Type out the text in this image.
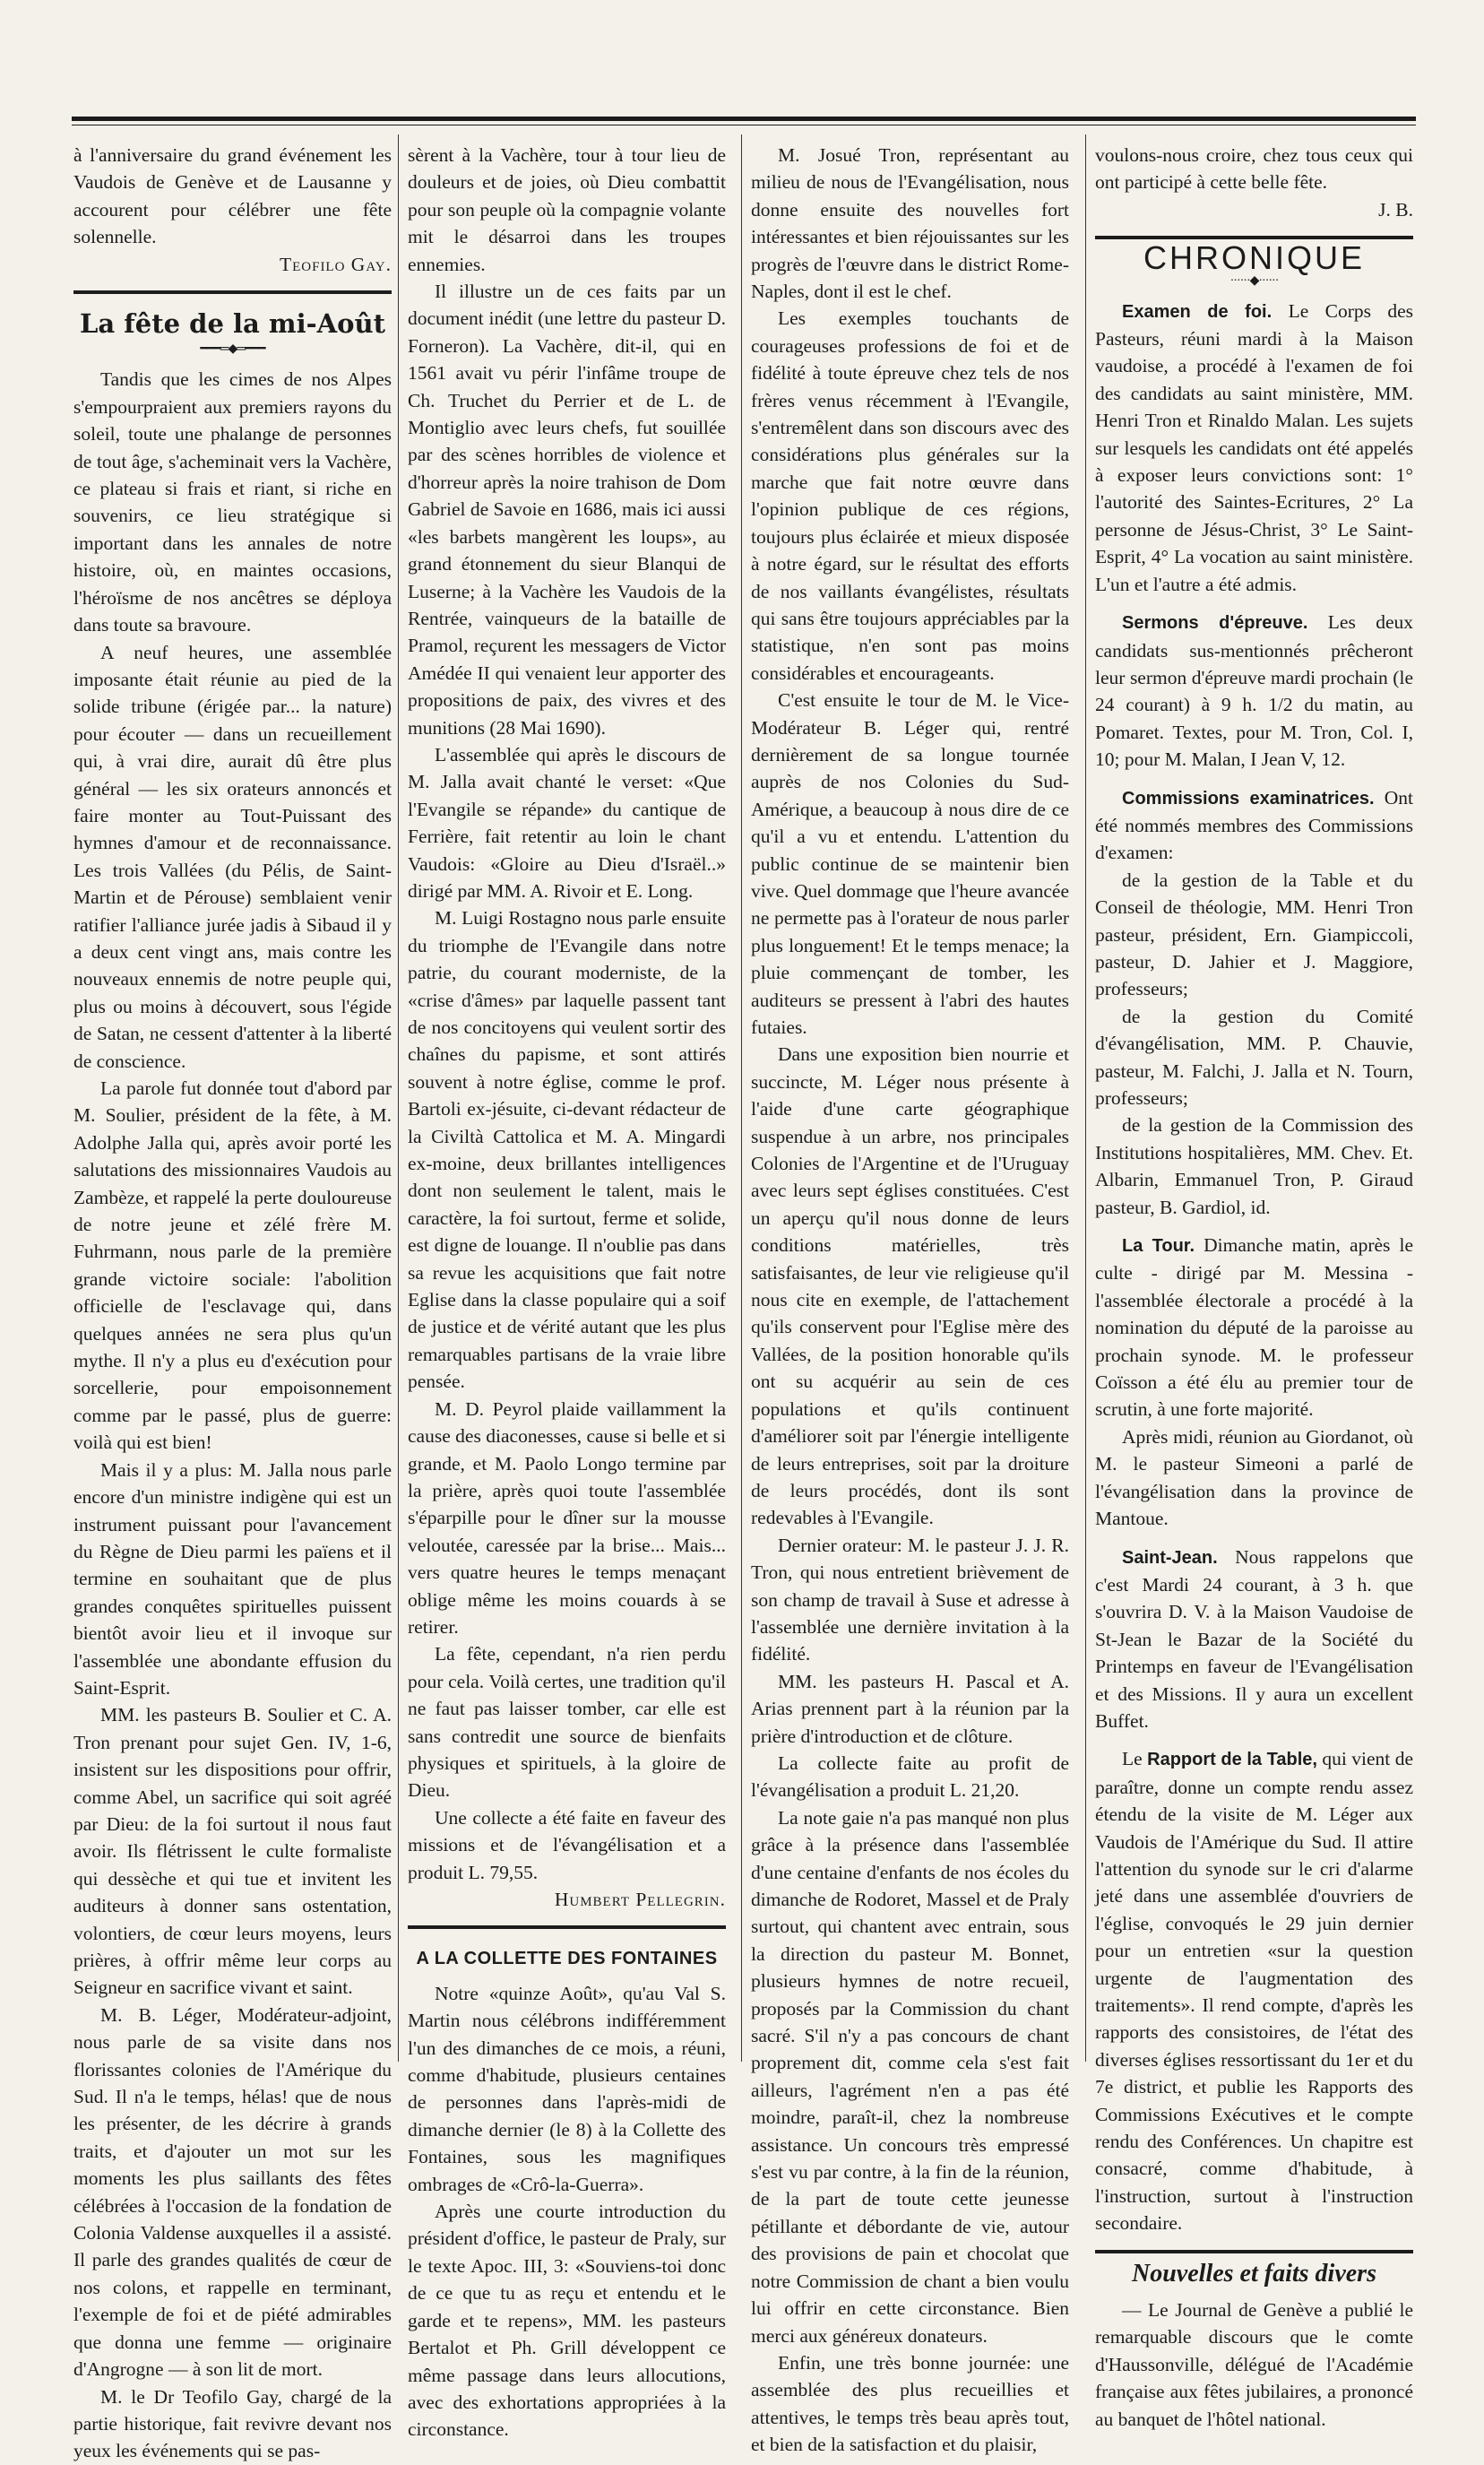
à l'anniversaire du grand événement les Vaudois de Genève et de Lausanne y accourent pour célébrer une fête solennelle.

Teofilo Gay.
La fête de la mi-Août
━━━═◆═━━━

Tandis que les cimes de nos Alpes s'empourpraient aux premiers rayons du soleil, toute une phalange de personnes de tout âge, s'acheminait vers la Vachère, ce plateau si frais et riant, si riche en souvenirs, ce lieu stratégique si important dans les annales de notre histoire, où, en maintes occasions, l'héroïsme de nos ancêtres se déploya dans toute sa bravoure.

A neuf heures, une assemblée imposante était réunie au pied de la solide tribune (érigée par... la nature) pour écouter — dans un recueillement qui, à vrai dire, aurait dû être plus général — les six orateurs annoncés et faire monter au Tout-Puissant des hymnes d'amour et de reconnaissance. Les trois Vallées (du Pélis, de Saint-Martin et de Pérouse) semblaient venir ratifier l'alliance jurée jadis à Sibaud il y a deux cent vingt ans, mais contre les nouveaux ennemis de notre peuple qui, plus ou moins à découvert, sous l'égide de Satan, ne cessent d'attenter à la liberté de conscience.

La parole fut donnée tout d'abord par M. Soulier, président de la fête, à M. Adolphe Jalla qui, après avoir porté les salutations des missionnaires Vaudois au Zambèze, et rappelé la perte douloureuse de notre jeune et zélé frère M. Fuhrmann, nous parle de la première grande victoire sociale: l'abolition officielle de l'esclavage qui, dans quelques années ne sera plus qu'un mythe. Il n'y a plus eu d'exécution pour sorcellerie, pour empoisonnement comme par le passé, plus de guerre: voilà qui est bien!

Mais il y a plus: M. Jalla nous parle encore d'un ministre indigène qui est un instrument puissant pour l'avancement du Règne de Dieu parmi les païens et il termine en souhaitant que de plus grandes conquêtes spirituelles puissent bientôt avoir lieu et il invoque sur l'assemblée une abondante effusion du Saint-Esprit.

MM. les pasteurs B. Soulier et C. A. Tron prenant pour sujet Gen. IV, 1-6, insistent sur les dispositions pour offrir, comme Abel, un sacrifice qui soit agréé par Dieu: de la foi surtout il nous faut avoir. Ils flétrissent le culte formaliste qui dessèche et qui tue et invitent les auditeurs à donner sans ostentation, volontiers, de cœur leurs moyens, leurs prières, à offrir même leur corps au Seigneur en sacrifice vivant et saint.

M. B. Léger, Modérateur-adjoint, nous parle de sa visite dans nos florissantes colonies de l'Amérique du Sud. Il n'a le temps, hélas! que de nous les présenter, de les décrire à grands traits, et d'ajouter un mot sur les moments les plus saillants des fêtes célébrées à l'occasion de la fondation de Colonia Valdense auxquelles il a assisté. Il parle des grandes qualités de cœur de nos colons, et rappelle en terminant, l'exemple de foi et de piété admirables que donna une femme — originaire d'Angrogne — à son lit de mort.

M. le Dr Teofilo Gay, chargé de la partie historique, fait revivre devant nos yeux les événements qui se pas-

sèrent à la Vachère, tour à tour lieu de douleurs et de joies, où Dieu combattit pour son peuple où la compagnie volante mit le désarroi dans les troupes ennemies.

Il illustre un de ces faits par un document inédit (une lettre du pasteur D. Forneron). La Vachère, dit-il, qui en 1561 avait vu périr l'infâme troupe de Ch. Truchet du Perrier et de L. de Montiglio avec leurs chefs, fut souillée par des scènes horribles de violence et d'horreur après la noire trahison de Dom Gabriel de Savoie en 1686, mais ici aussi «les barbets mangèrent les loups», au grand étonnement du sieur Blanqui de Luserne; à la Vachère les Vaudois de la Rentrée, vainqueurs de la bataille de Pramol, reçurent les messagers de Victor Amédée II qui venaient leur apporter des propositions de paix, des vivres et des munitions (28 Mai 1690).

L'assemblée qui après le discours de M. Jalla avait chanté le verset: «Que l'Evangile se répande» du cantique de Ferrière, fait retentir au loin le chant Vaudois: «Gloire au Dieu d'Israël..» dirigé par MM. A. Rivoir et E. Long.

M. Luigi Rostagno nous parle ensuite du triomphe de l'Evangile dans notre patrie, du courant moderniste, de la «crise d'âmes» par laquelle passent tant de nos concitoyens qui veulent sortir des chaînes du papisme, et sont attirés souvent à notre église, comme le prof. Bartoli ex-jésuite, ci-devant rédacteur de la Civiltà Cattolica et M. A. Mingardi ex-moine, deux brillantes intelligences dont non seulement le talent, mais le caractère, la foi surtout, ferme et solide, est digne de louange. Il n'oublie pas dans sa revue les acquisitions que fait notre Eglise dans la classe populaire qui a soif de justice et de vérité autant que les plus remarquables partisans de la vraie libre pensée.

M. D. Peyrol plaide vaillamment la cause des diaconesses, cause si belle et si grande, et M. Paolo Longo termine par la prière, après quoi toute l'assemblée s'éparpille pour le dîner sur la mousse veloutée, caressée par la brise... Mais... vers quatre heures le temps menaçant oblige même les moins couards à se retirer.

La fête, cependant, n'a rien perdu pour cela. Voilà certes, une tradition qu'il ne faut pas laisser tomber, car elle est sans contredit une source de bienfaits physiques et spirituels, à la gloire de Dieu.

Une collecte a été faite en faveur des missions et de l'évangélisation et a produit L. 79,55.

Humbert Pellegrin.
A LA COLLETTE DES FONTAINES

Notre «quinze Août», qu'au Val S. Martin nous célébrons indifféremment l'un des dimanches de ce mois, a réuni, comme d'habitude, plusieurs centaines de personnes dans l'après-midi de dimanche dernier (le 8) à la Collette des Fontaines, sous les magnifiques ombrages de «Crô-la-Guerra».

Après une courte introduction du président d'office, le pasteur de Praly, sur le texte Apoc. III, 3: «Souviens-toi donc de ce que tu as reçu et entendu et le garde et te repens», MM. les pasteurs Bertalot et Ph. Grill développent ce même passage dans leurs allocutions, avec des exhortations appropriées à la circonstance.

M. Josué Tron, représentant au milieu de nous de l'Evangélisation, nous donne ensuite des nouvelles fort intéressantes et bien réjouissantes sur les progrès de l'œuvre dans le district Rome-Naples, dont il est le chef.

Les exemples touchants de courageuses professions de foi et de fidélité à toute épreuve chez tels de nos frères venus récemment à l'Evangile, s'entremêlent dans son discours avec des considérations plus générales sur la marche que fait notre œuvre dans l'opinion publique de ces régions, toujours plus éclairée et mieux disposée à notre égard, sur le résultat des efforts de nos vaillants évangélistes, résultats qui sans être toujours appréciables par la statistique, n'en sont pas moins considérables et encourageants.

C'est ensuite le tour de M. le Vice-Modérateur B. Léger qui, rentré dernièrement de sa longue tournée auprès de nos Colonies du Sud-Amérique, a beaucoup à nous dire de ce qu'il a vu et entendu. L'attention du public continue de se maintenir bien vive. Quel dommage que l'heure avancée ne permette pas à l'orateur de nous parler plus longuement! Et le temps menace; la pluie commençant de tomber, les auditeurs se pressent à l'abri des hautes futaies.

Dans une exposition bien nourrie et succincte, M. Léger nous présente à l'aide d'une carte géographique suspendue à un arbre, nos principales Colonies de l'Argentine et de l'Uruguay avec leurs sept églises constituées. C'est un aperçu qu'il nous donne de leurs conditions matérielles, très satisfaisantes, de leur vie religieuse qu'il nous cite en exemple, de l'attachement qu'ils conservent pour l'Eglise mère des Vallées, de la position honorable qu'ils ont su acquérir au sein de ces populations et qu'ils continuent d'améliorer soit par l'énergie intelligente de leurs entreprises, soit par la droiture de leurs procédés, dont ils sont redevables à l'Evangile.

Dernier orateur: M. le pasteur J. J. R. Tron, qui nous entretient brièvement de son champ de travail à Suse et adresse à l'assemblée une dernière invitation à la fidélité.

MM. les pasteurs H. Pascal et A. Arias prennent part à la réunion par la prière d'introduction et de clôture.

La collecte faite au profit de l'évangélisation a produit L. 21,20.

La note gaie n'a pas manqué non plus grâce à la présence dans l'assemblée d'une centaine d'enfants de nos écoles du dimanche de Rodoret, Massel et de Praly surtout, qui chantent avec entrain, sous la direction du pasteur M. Bonnet, plusieurs hymnes de notre recueil, proposés par la Commission du chant sacré. S'il n'y a pas concours de chant proprement dit, comme cela s'est fait ailleurs, l'agrément n'en a pas été moindre, paraît-il, chez la nombreuse assistance. Un concours très empressé s'est vu par contre, à la fin de la réunion, de la part de toute cette jeunesse pétillante et débordante de vie, autour des provisions de pain et chocolat que notre Commission de chant a bien voulu lui offrir en cette circonstance. Bien merci aux généreux donateurs.

Enfin, une très bonne journée: une assemblée des plus recueillies et attentives, le temps très beau après tout, et bien de la satisfaction et du plaisir,

voulons-nous croire, chez tous ceux qui ont participé à cette belle fête.

J. B.
CHRONIQUE
······◆······

Examen de foi. Le Corps des Pasteurs, réuni mardi à la Maison vaudoise, a procédé à l'examen de foi des candidats au saint ministère, MM. Henri Tron et Rinaldo Malan. Les sujets sur lesquels les candidats ont été appelés à exposer leurs convictions sont: 1° l'autorité des Saintes-Ecritures, 2° La personne de Jésus-Christ, 3° Le Saint-Esprit, 4° La vocation au saint ministère. L'un et l'autre a été admis.

Sermons d'épreuve. Les deux candidats sus-mentionnés prêcheront leur sermon d'épreuve mardi prochain (le 24 courant) à 9 h. 1/2 du matin, au Pomaret. Textes, pour M. Tron, Col. I, 10; pour M. Malan, I Jean V, 12.

Commissions examinatrices. Ont été nommés membres des Commissions d'examen:

de la gestion de la Table et du Conseil de théologie, MM. Henri Tron pasteur, président, Ern. Giampiccoli, pasteur, D. Jahier et J. Maggiore, professeurs;

de la gestion du Comité d'évangélisation, MM. P. Chauvie, pasteur, M. Falchi, J. Jalla et N. Tourn, professeurs;

de la gestion de la Commission des Institutions hospitalières, MM. Chev. Et. Albarin, Emmanuel Tron, P. Giraud pasteur, B. Gardiol, id.

La Tour. Dimanche matin, après le culte - dirigé par M. Messina - l'assemblée électorale a procédé à la nomination du député de la paroisse au prochain synode. M. le professeur Coïsson a été élu au premier tour de scrutin, à une forte majorité.

Après midi, réunion au Giordanot, où M. le pasteur Simeoni a parlé de l'évangélisation dans la province de Mantoue.

Saint-Jean. Nous rappelons que c'est Mardi 24 courant, à 3 h. que s'ouvrira D. V. à la Maison Vaudoise de St-Jean le Bazar de la Société du Printemps en faveur de l'Evangélisation et des Missions. Il y aura un excellent Buffet.

Le Rapport de la Table, qui vient de paraître, donne un compte rendu assez étendu de la visite de M. Léger aux Vaudois de l'Amérique du Sud. Il attire l'attention du synode sur le cri d'alarme jeté dans une assemblée d'ouvriers de l'église, convoqués le 29 juin dernier pour un entretien «sur la question urgente de l'augmentation des traitements». Il rend compte, d'après les rapports des consistoires, de l'état des diverses églises ressortissant du 1er et du 7e district, et publie les Rapports des Commissions Exécutives et le compte rendu des Conférences. Un chapitre est consacré, comme d'habitude, à l'instruction, surtout à l'instruction secondaire.

Nouvelles et faits divers

— Le Journal de Genève a publié le remarquable discours que le comte d'Haussonville, délégué de l'Académie française aux fêtes jubilaires, a prononcé au banquet de l'hôtel national.
